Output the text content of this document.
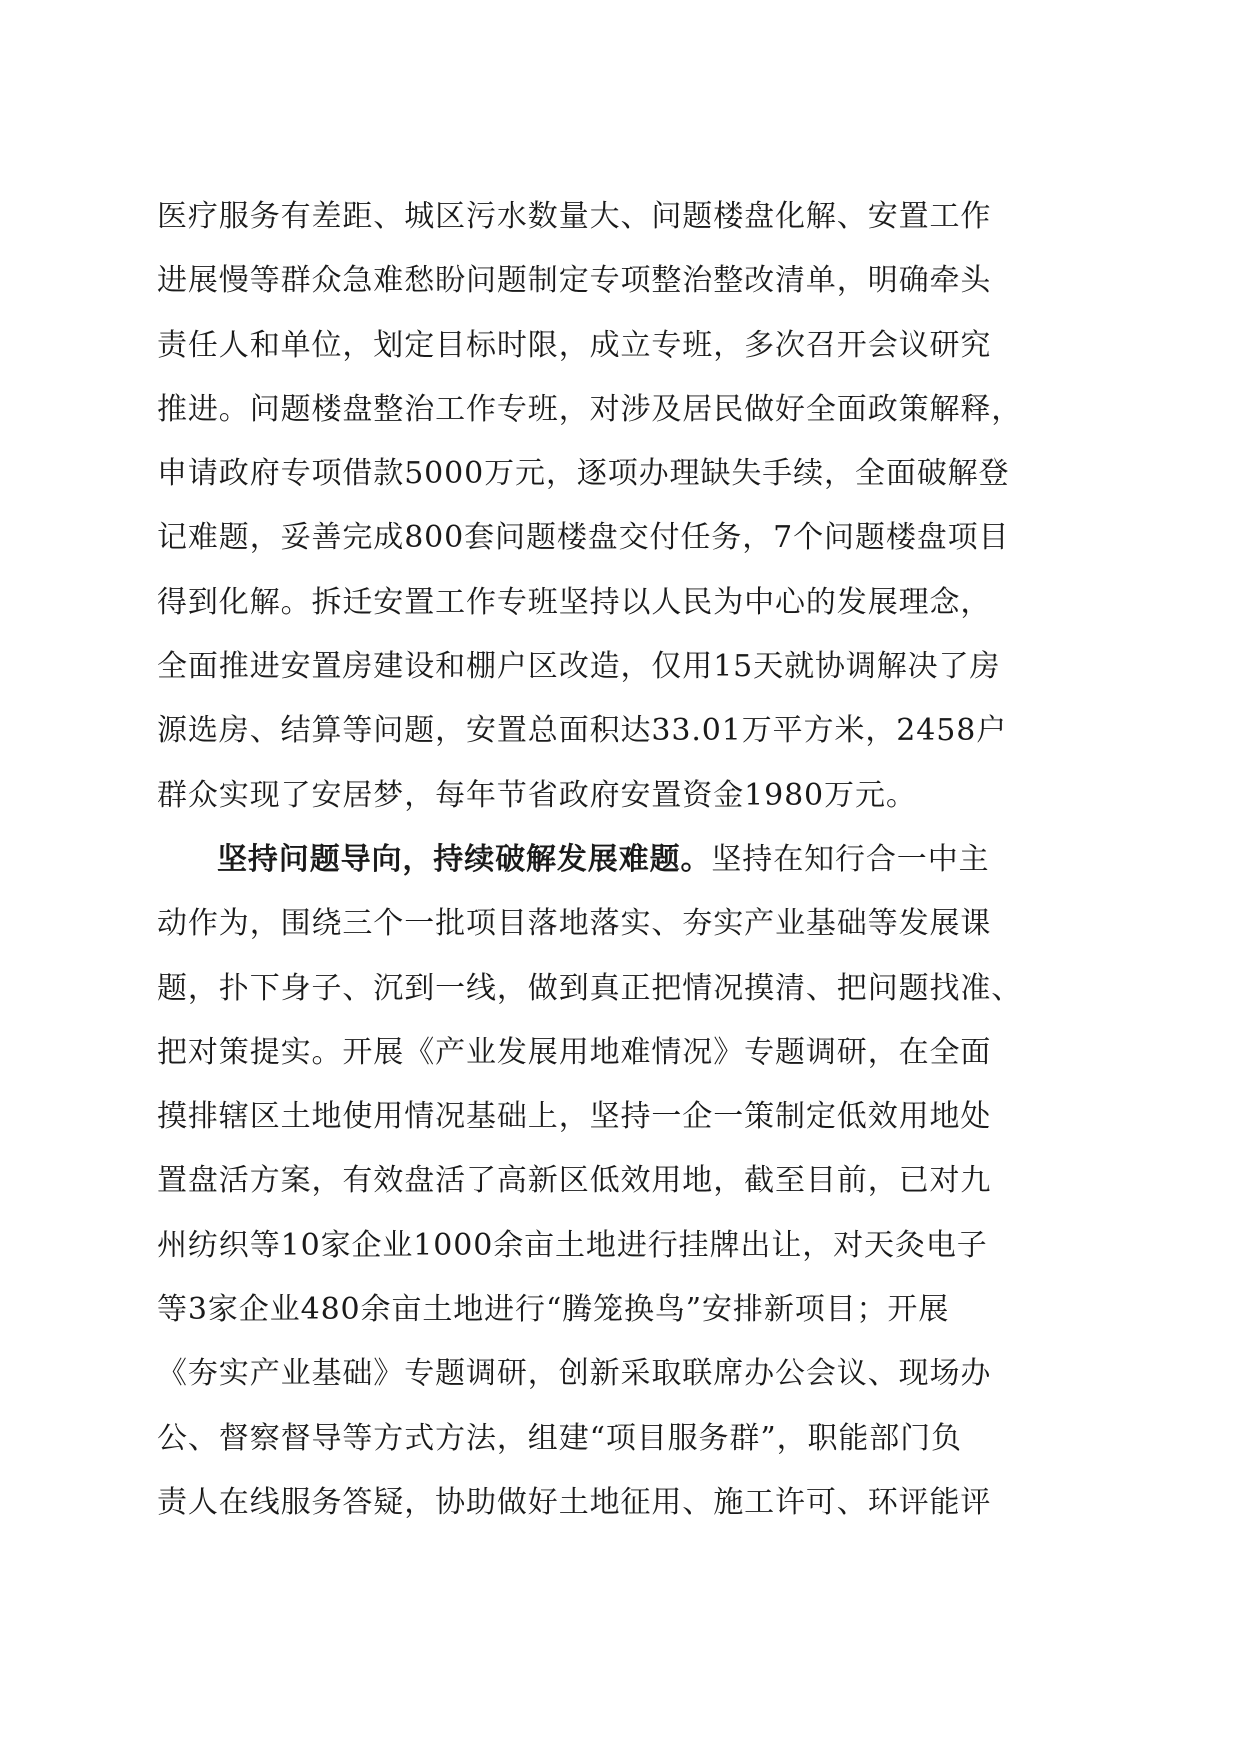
医疗服务有差距、城区污水数量大、问题楼盘化解、安置工作
进展慢等群众急难愁盼问题制定专项整治整改清单，明确牵头
责任人和单位，划定目标时限，成立专班，多次召开会议研究
推进。问题楼盘整治工作专班，对涉及居民做好全面政策解释，
申请政府专项借款5000万元，逐项办理缺失手续，全面破解登
记难题，妥善完成800套问题楼盘交付任务，7个问题楼盘项目
得到化解。拆迁安置工作专班坚持以人民为中心的发展理念，
全面推进安置房建设和棚户区改造，仅用15天就协调解决了房
源选房、结算等问题，安置总面积达33.01万平方米，2458户
群众实现了安居梦，每年节省政府安置资金1980万元。
坚持问题导向，持续破解发展难题。坚持在知行合一中主
动作为，围绕三个一批项目落地落实、夯实产业基础等发展课
题，扑下身子、沉到一线，做到真正把情况摸清、把问题找准、
把对策提实。开展《产业发展用地难情况》专题调研，在全面
摸排辖区土地使用情况基础上，坚持一企一策制定低效用地处
置盘活方案，有效盘活了高新区低效用地，截至目前，已对九
州纺织等10家企业1000余亩土地进行挂牌出让，对天灸电子
等3家企业480余亩土地进行“腾笼换鸟”安排新项目；开展
《夯实产业基础》专题调研，创新采取联席办公会议、现场办
公、督察督导等方式方法，组建“项目服务群”，职能部门负
责人在线服务答疑，协助做好土地征用、施工许可、环评能评
